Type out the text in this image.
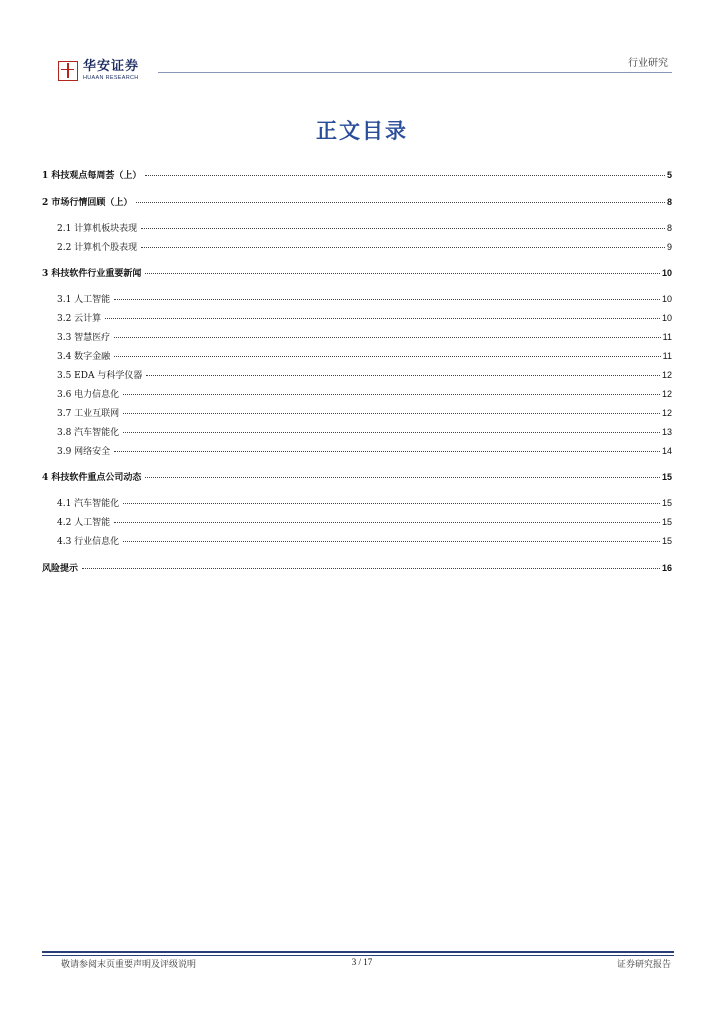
华安证券
HUAAN RESEARCH
行业研究
正文目录
1 科技观点每周荟（上）	5
2 市场行情回顾（上）	8
2.1 计算机板块表现	8
2.2 计算机个股表现	9
3 科技软件行业重要新闻	10
3.1 人工智能	10
3.2 云计算	10
3.3 智慧医疗	11
3.4 数字金融	11
3.5 EDA 与科学仪器	12
3.6 电力信息化	12
3.7 工业互联网	12
3.8 汽车智能化	13
3.9 网络安全	14
4 科技软件重点公司动态	15
4.1 汽车智能化	15
4.2 人工智能	15
4.3 行业信息化	15
风险提示	16
敬请参阅末页重要声明及评级说明	3 / 17	证券研究报告
